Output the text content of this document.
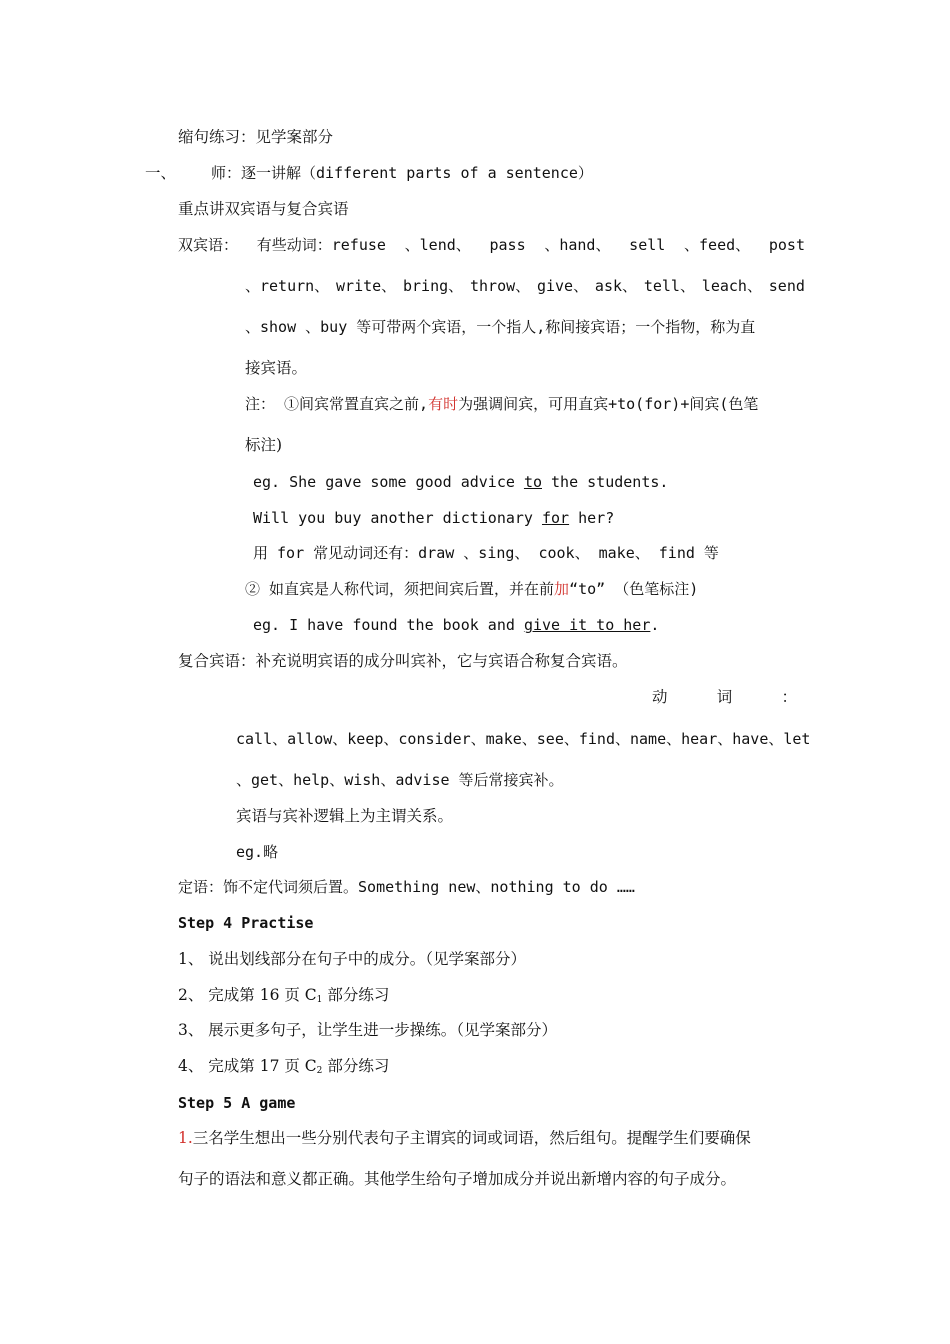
缩句练习：见学案部分
一、 师：逐一讲解（different parts of a sentence）
重点讲双宾语与复合宾语
双宾语： 有些动词：refuse 、lend、 pass 、hand、 sell 、feed、 post
、return、 write、 bring、 throw、 give、 ask、 tell、 leach、 send
、show 、buy 等可带两个宾语，一个指人,称间接宾语；一个指物，称为直
接宾语。
注： ①间宾常置直宾之前,有时为强调间宾，可用直宾+to(for)+间宾(色笔
标注)
eg. She gave some good advice to the students.
Will you buy another dictionary for her?
用 for 常见动词还有：draw 、sing、 cook、 make、 find 等
② 如直宾是人称代词，须把间宾后置，并在前加“to” （色笔标注)
eg. I have found the book and give it to her.
复合宾语：补充说明宾语的成分叫宾补，它与宾语合称复合宾语。
动	词	：
call、allow、keep、consider、make、see、find、name、hear、have、let
、get、help、wish、advise 等后常接宾补。
宾语与宾补逻辑上为主谓关系。
eg.略
定语：饰不定代词须后置。Something new、nothing to do ……
Step 4 Practise
1、 说出划线部分在句子中的成分。（见学案部分）
2、 完成第 16 页 $C_1$ 部分练习
3、 展示更多句子，让学生进一步操练。（见学案部分）
4、 完成第 17 页 $C_2$ 部分练习
Step 5 A game
1.三名学生想出一些分别代表句子主谓宾的词或词语，然后组句。提醒学生们要确保
句子的语法和意义都正确。其他学生给句子增加成分并说出新增内容的句子成分。
